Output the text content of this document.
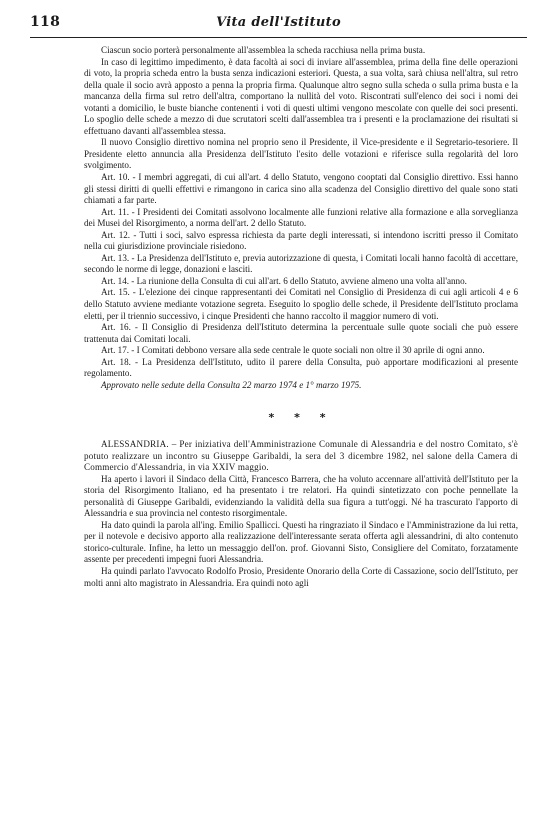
118	Vita dell'Istituto

Ciascun socio porterà personalmente all'assemblea la scheda racchiusa nella prima busta.

In caso di legittimo impedimento, è data facoltà ai soci di inviare all'assemblea, prima della fine delle operazioni di voto, la propria scheda entro la busta senza indicazioni esteriori. Questa, a sua volta, sarà chiusa nell'altra, sul retro della quale il socio avrà apposto a penna la propria firma. Qualunque altro segno sulla scheda o sulla prima busta e la mancanza della firma sul retro dell'altra, comportano la nullità del voto. Riscontrati sull'elenco dei soci i nomi dei votanti a domicilio, le buste bianche contenenti i voti di questi ultimi vengono mescolate con quelle dei soci presenti. Lo spoglio delle schede a mezzo di due scrutatori scelti dall'assemblea tra i presenti e la proclamazione dei risultati si effettuano davanti all'assemblea stessa.

Il nuovo Consiglio direttivo nomina nel proprio seno il Presidente, il Vice-presidente e il Segretario-tesoriere. Il Presidente eletto annuncia alla Presidenza dell'Istituto l'esito delle votazioni e riferisce sulla regolarità del loro svolgimento.

Art. 10. - I membri aggregati, di cui all'art. 4 dello Statuto, vengono cooptati dal Consiglio direttivo. Essi hanno gli stessi diritti di quelli effettivi e rimangono in carica sino alla scadenza del Consiglio direttivo del quale sono stati chiamati a far parte.

Art. 11. - I Presidenti dei Comitati assolvono localmente alle funzioni relative alla formazione e alla sorveglianza dei Musei del Risorgimento, a norma dell'art. 2 dello Statuto.

Art. 12. - Tutti i soci, salvo espressa richiesta da parte degli interessati, si intendono iscritti presso il Comitato nella cui giurisdizione provinciale risiedono.

Art. 13. - La Presidenza dell'Istituto e, previa autorizzazione di questa, i Comitati locali hanno facoltà di accettare, secondo le norme di legge, donazioni e lasciti.

Art. 14. - La riunione della Consulta di cui all'art. 6 dello Statuto, avviene almeno una volta all'anno.

Art. 15. - L'elezione dei cinque rappresentanti dei Comitati nel Consiglio di Presidenza di cui agli articoli 4 e 6 dello Statuto avviene mediante votazione segreta. Eseguito lo spoglio delle schede, il Presidente dell'Istituto proclama eletti, per il triennio successivo, i cinque Presidenti che hanno raccolto il maggior numero di voti.

Art. 16. - Il Consiglio di Presidenza dell'Istituto determina la percentuale sulle quote sociali che può essere trattenuta dai Comitati locali.

Art. 17. - I Comitati debbono versare alla sede centrale le quote sociali non oltre il 30 aprile di ogni anno.

Art. 18. - La Presidenza dell'Istituto, udito il parere della Consulta, può apportare modificazioni al presente regolamento.

Approvato nelle sedute della Consulta 22 marzo 1974 e 1° marzo 1975.

* * *

ALESSANDRIA. – Per iniziativa dell'Amministrazione Comunale di Alessandria e del nostro Comitato, s'è potuto realizzare un incontro su Giuseppe Garibaldi, la sera del 3 dicembre 1982, nel salone della Camera di Commercio d'Alessandria, in via XXIV maggio.

Ha aperto i lavori il Sindaco della Città, Francesco Barrera, che ha voluto accennare all'attività dell'Istituto per la storia del Risorgimento Italiano, ed ha presentato i tre relatori. Ha quindi sintetizzato con poche pennellate la personalità di Giuseppe Garibaldi, evidenziando la validità della sua figura a tutt'oggi. Né ha trascurato l'apporto di Alessandria e sua provincia nel contesto risorgimentale.

Ha dato quindi la parola all'ing. Emilio Spallicci. Questi ha ringraziato il Sindaco e l'Amministrazione da lui retta, per il notevole e decisivo apporto alla realizzazione dell'interessante serata offerta agli alessandrini, di alto contenuto storico-culturale. Infine, ha letto un messaggio dell'on. prof. Giovanni Sisto, Consigliere del Comitato, forzatamente assente per precedenti impegni fuori Alessandria.

Ha quindi parlato l'avvocato Rodolfo Prosio, Presidente Onorario della Corte di Cassazione, socio dell'Istituto, per molti anni alto magistrato in Alessandria. Era quindi noto agli
